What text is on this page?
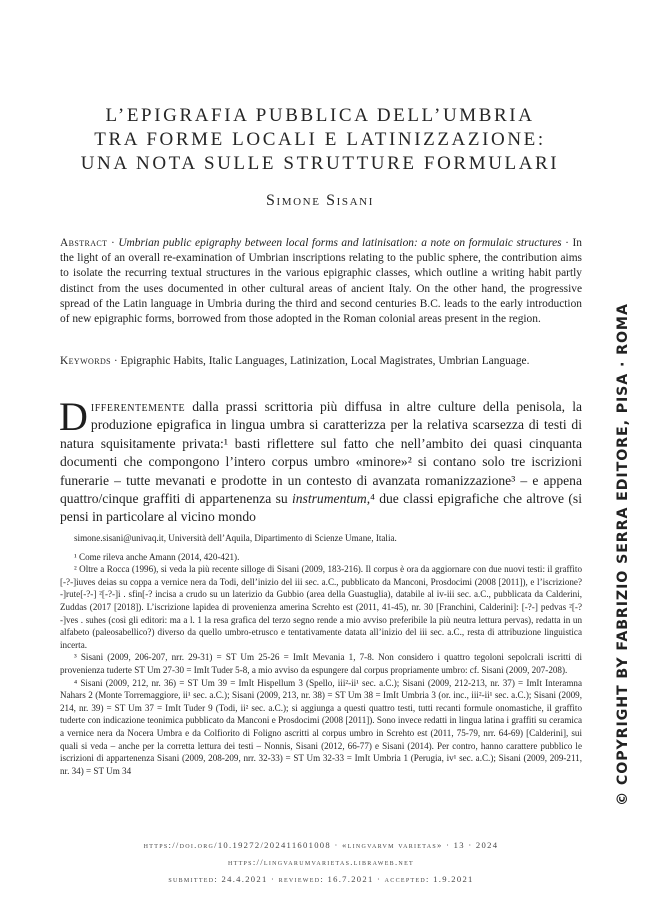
L’EPIGRAFIA PUBBLICA DELL’UMBRIA
TRA FORME LOCALI E LATINIZZAZIONE:
UNA NOTA SULLE STRUTTURE FORMULARI
Simone Sisani
Abstract · Umbrian public epigraphy between local forms and latinisation: a note on formulaic structures · In the light of an overall re-examination of Umbrian inscriptions relating to the public sphere, the contribution aims to isolate the recurring textual structures in the various epigraphic classes, which outline a writing habit partly distinct from the uses documented in other cultural areas of ancient Italy. On the other hand, the progressive spread of the Latin language in Umbria during the third and second centuries B.C. leads to the early introduction of new epigraphic forms, borrowed from those adopted in the Roman colonial areas present in the region.
Keywords · Epigraphic Habits, Italic Languages, Latinization, Local Magistrates, Umbrian Language.
Differentemente dalla prassi scrittoria più diffusa in altre culture della penisola, la produzione epigrafica in lingua umbra si caratterizza per la relativa scarsezza di testi di natura squisitamente privata:¹ basti riflettere sul fatto che nell’ambito dei quasi cinquanta documenti che compongono l’intero corpus umbro «minore»² si contano solo tre iscrizioni funerarie – tutte mevanati e prodotte in un contesto di avanzata romanizzazione³ – e appena quattro/cinque graffiti di appartenenza su instrumentum,⁴ due classi epigrafiche che altrove (si pensi in particolare al vicino mondo

simone.sisani@univaq.it, Università dell’Aquila, Dipartimento di Scienze Umane, Italia.

¹ Come rileva anche Amann (2014, 420-421).

² Oltre a Rocca (1996), si veda la più recente silloge di Sisani (2009, 183-216). Il corpus è ora da aggiornare con due nuovi testi: il graffito [-?-]iuves deias su coppa a vernice nera da Todi, dell’inizio del iii sec. a.C., pubblicato da Manconi, Prosdocimi (2008 [2011]), e l’iscrizione?-]rute[-?-] ²[-?-]i . sfin[-? incisa a crudo su un laterizio da Gubbio (area della Guastuglia), databile al iv-iii sec. a.C., pubblicata da Calderini, Zuddas (2017 [2018]). L’iscrizione lapidea di provenienza amerina Screhto est (2011, 41-45), nr. 30 [Franchini, Calderini]: [-?-] pedvas ²[-?-]ves . suhes (così gli editori: ma a l. 1 la resa grafica del terzo segno rende a mio avviso preferibile la più neutra lettura pervas), redatta in un alfabeto (paleosabellico?) diverso da quello umbro-etrusco e tentativamente datata all’inizio del iii sec. a.C., resta di attribuzione linguistica incerta.

³ Sisani (2009, 206-207, nrr. 29-31) = ST Um 25-26 = ImIt Mevania 1, 7-8. Non considero i quattro tegoloni sepolcrali iscritti di provenienza tuderte ST Um 27-30 = ImIt Tuder 5-8, a mio avviso da espungere dal corpus propriamente umbro: cf. Sisani (2009, 207-208).

⁴ Sisani (2009, 212, nr. 36) = ST Um 39 = ImIt Hispellum 3 (Spello, iii²-ii¹ sec. a.C.); Sisani (2009, 212-213, nr. 37) = ImIt Interamna Nahars 2 (Monte Torremaggiore, ii¹ sec. a.C.); Sisani (2009, 213, nr. 38) = ST Um 38 = ImIt Umbria 3 (or. inc., iii²-ii¹ sec. a.C.); Sisani (2009, 214, nr. 39) = ST Um 37 = ImIt Tuder 9 (Todi, ii² sec. a.C.); si aggiunga a questi quattro testi, tutti recanti formule onomastiche, il graffito tuderte con indicazione teonimica pubblicato da Manconi e Prosdocimi (2008 [2011]). Sono invece redatti in lingua latina i graffiti su ceramica a vernice nera da Nocera Umbra e da Colfiorito di Foligno ascritti al corpus umbro in Screhto est (2011, 75-79, nrr. 64-69) [Calderini], sui quali si veda – anche per la corretta lettura dei testi – Nonnis, Sisani (2012, 66-77) e Sisani (2014). Per contro, hanno carattere pubblico le iscrizioni di appartenenza Sisani (2009, 208-209, nrr. 32-33) = ST Um 32-33 = ImIt Umbria 1 (Perugia, iv¹ sec. a.C.); Sisani (2009, 209-211, nr. 34) = ST Um 34

https://doi.org/10.19272/202411601008 · «lingvarvm varietas» · 13 · 2024
https://lingvarumvarietas.libraweb.net
submitted: 24.4.2021 · reviewed: 16.7.2021 · accepted: 1.9.2021
© COPYRIGHT BY FABRIZIO SERRA EDITORE, PISA · ROMA
